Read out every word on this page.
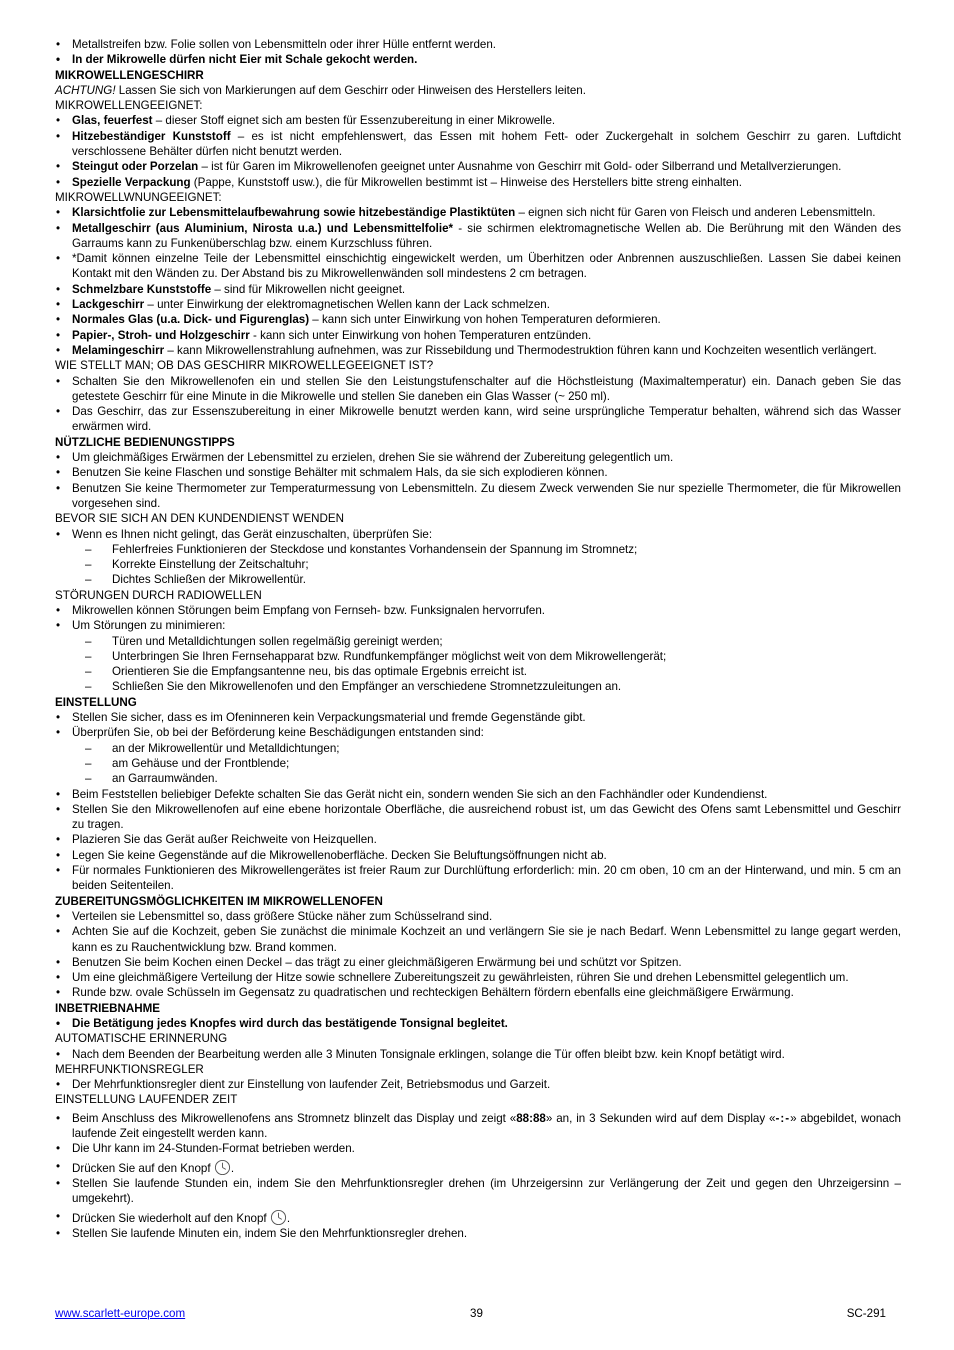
• Metallstreifen bzw. Folie sollen von Lebensmitteln oder ihrer Hülle entfernt werden.
• In der Mikrowelle dürfen nicht Eier mit Schale gekocht werden.
MIKROWELLENGESCHIRR
ACHTUNG! Lassen Sie sich von Markierungen auf dem Geschirr oder Hinweisen des Herstellers leiten.
MIKROWELLENGEEIGNET:
• Glas, feuerfest – dieser Stoff eignet sich am besten für Essenzubereitung in einer Mikrowelle.
• Hitzebeständiger Kunststoff – es ist nicht empfehlenswert, das Essen mit hohem Fett- oder Zuckergehalt in solchem Geschirr zu garen. Luftdicht verschlossene Behälter dürfen nicht benutzt werden.
• Steingut oder Porzelan – ist für Garen im Mikrowellenofen geeignet unter Ausnahme von Geschirr mit Gold- oder Silberrand und Metallverzierungen.
• Spezielle Verpackung (Pappe, Kunststoff usw.), die für Mikrowellen bestimmt ist – Hinweise des Herstellers bitte streng einhalten.
MIKROWELLWNUNGEEIGNET:
• Klarsichtfolie zur Lebensmittelaufbewahrung sowie hitzebeständige Plastiktüten – eignen sich nicht für Garen von Fleisch und anderen Lebensmitteln.
• Metallgeschirr (aus Aluminium, Nirosta u.a.) und Lebensmittelfolie* - sie schirmen elektromagnetische Wellen ab. Die Berührung mit den Wänden des Garraums kann zu Funkenüberschlag bzw. einem Kurzschluss führen.
• *Damit können einzelne Teile der Lebensmittel einschichtig eingewickelt werden, um Überhitzen oder Anbrennen auszuschließen. Lassen Sie dabei keinen Kontakt mit den Wänden zu. Der Abstand bis zu Mikrowellenwänden soll mindestens 2 cm betragen.
• Schmelzbare Kunststoffe – sind für Mikrowellen nicht geeignet.
• Lackgeschirr – unter Einwirkung der elektromagnetischen Wellen kann der Lack schmelzen.
• Normales Glas (u.a. Dick- und Figurenglas) – kann sich unter Einwirkung von hohen Temperaturen deformieren.
• Papier-, Stroh- und Holzgeschirr - kann sich unter Einwirkung von hohen Temperaturen entzünden.
• Melamingeschirr – kann Mikrowellenstrahlung aufnehmen, was zur Rissebildung und Thermodestruktion führen kann und Kochzeiten wesentlich verlängert.
WIE STELLT MAN; OB DAS GESCHIRR MIKROWELLEGEEIGNET IST?
• Schalten Sie den Mikrowellenofen ein und stellen Sie den Leistungstufenschalter auf die Höchstleistung (Maximaltemperatur) ein. Danach geben Sie das getestete Geschirr für eine Minute in die Mikrowelle und stellen Sie daneben ein Glas Wasser (~ 250 ml).
• Das Geschirr, das zur Essenszubereitung in einer Mikrowelle benutzt werden kann, wird seine ursprüngliche Temperatur behalten, während sich das Wasser erwärmen wird.
NÜTZLICHE BEDIENUNGSTIPPS
• Um gleichmäßiges Erwärmen der Lebensmittel zu erzielen, drehen Sie sie während der Zubereitung gelegentlich um.
• Benutzen Sie keine Flaschen und sonstige Behälter mit schmalem Hals, da sie sich explodieren können.
• Benutzen Sie keine Thermometer zur Temperaturmessung von Lebensmitteln. Zu diesem Zweck verwenden Sie nur spezielle Thermometer, die für Mikrowellen vorgesehen sind.
BEVOR SIE SICH AN DEN KUNDENDIENST WENDEN
• Wenn es Ihnen nicht gelingt, das Gerät einzuschalten, überprüfen Sie:
– Fehlerfreies Funktionieren der Steckdose und konstantes Vorhandensein der Spannung im Stromnetz;
– Korrekte Einstellung der Zeitschaltuhr;
– Dichtes Schließen der Mikrowellentür.
STÖRUNGEN DURCH RADIOWELLEN
• Mikrowellen können Störungen beim Empfang von Fernseh- bzw. Funksignalen hervorrufen.
• Um Störungen zu minimieren:
– Türen und Metalldichtungen sollen regelmäßig gereinigt werden;
– Unterbringen Sie Ihren Fernsehapparat bzw. Rundfunkempfänger möglichst weit von dem Mikrowellengerät;
– Orientieren Sie die Empfangsantenne neu, bis das optimale Ergebnis erreicht ist.
– Schließen Sie den Mikrowellenofen und den Empfänger an verschiedene Stromnetzzuleitungen an.
EINSTELLUNG
• Stellen Sie sicher, dass es im Ofeninneren kein Verpackungsmaterial und fremde Gegenstände gibt.
• Überprüfen Sie, ob bei der Beförderung keine Beschädigungen entstanden sind:
– an der Mikrowellentür und Metalldichtungen;
– am Gehäuse und der Frontblende;
– an Garraumwänden.
• Beim Feststellen beliebiger Defekte schalten Sie das Gerät nicht ein, sondern wenden Sie sich an den Fachhändler oder Kundendienst.
• Stellen Sie den Mikrowellenofen auf eine ebene horizontale Oberfläche, die ausreichend robust ist, um das Gewicht des Ofens samt Lebensmittel und Geschirr zu tragen.
• Plazieren Sie das Gerät außer Reichweite von Heizquellen.
• Legen Sie keine Gegenstände auf die Mikrowellenoberfläche. Decken Sie Beluftungsöffnungen nicht ab.
• Für normales Funktionieren des Mikrowellengerätes ist freier Raum zur Durchlüftung erforderlich: min. 20 cm oben, 10 cm an der Hinterwand, und min. 5 cm an beiden Seitenteilen.
ZUBEREITUNGSMÖGLICHKEITEN IM MIKROWELLENOFEN
• Verteilen sie Lebensmittel so, dass größere Stücke näher zum Schüsselrand sind.
• Achten Sie auf die Kochzeit, geben Sie zunächst die minimale Kochzeit an und verlängern Sie sie je nach Bedarf. Wenn Lebensmittel zu lange gegart werden, kann es zu Rauchentwicklung bzw. Brand kommen.
• Benutzen Sie beim Kochen einen Deckel – das trägt zu einer gleichmäßigeren Erwärmung bei und schützt vor Spitzen.
• Um eine gleichmäßigere Verteilung der Hitze sowie schnellere Zubereitungszeit zu gewährleisten, rühren Sie und drehen Lebensmittel gelegentlich um.
• Runde bzw. ovale Schüsseln im Gegensatz zu quadratischen und rechteckigen Behältern fördern ebenfalls eine gleichmäßigere Erwärmung.
INBETRIEBNAHME
• Die Betätigung jedes Knopfes wird durch das bestätigende Tonsignal begleitet.
AUTOMATISCHE ERINNERUNG
• Nach dem Beenden der Bearbeitung werden alle 3 Minuten Tonsignale erklingen, solange die Tür offen bleibt bzw. kein Knopf betätigt wird.
MEHRFUNKTIONSREGLER
• Der Mehrfunktionsregler dient zur Einstellung von laufender Zeit, Betriebsmodus und Garzeit.
EINSTELLUNG LAUFENDER ZEIT
• Beim Anschluss des Mikrowellenofens ans Stromnetz blinzelt das Display und zeigt «88:88» an, in 3 Sekunden wird auf dem Display «-:-» abgebildet, wonach laufende Zeit eingestellt werden kann.
• Die Uhr kann im 24-Stunden-Format betrieben werden.
• Drücken Sie auf den Knopf .
• Stellen Sie laufende Stunden ein, indem Sie den Mehrfunktionsregler drehen (im Uhrzeigersinn zur Verlängerung der Zeit und gegen den Uhrzeigersinn – umgekehrt).
• Drücken Sie wiederholt auf den Knopf .
• Stellen Sie laufende Minuten ein, indem Sie den Mehrfunktionsregler drehen.
www.scarlett-europe.com	39	SC-291
